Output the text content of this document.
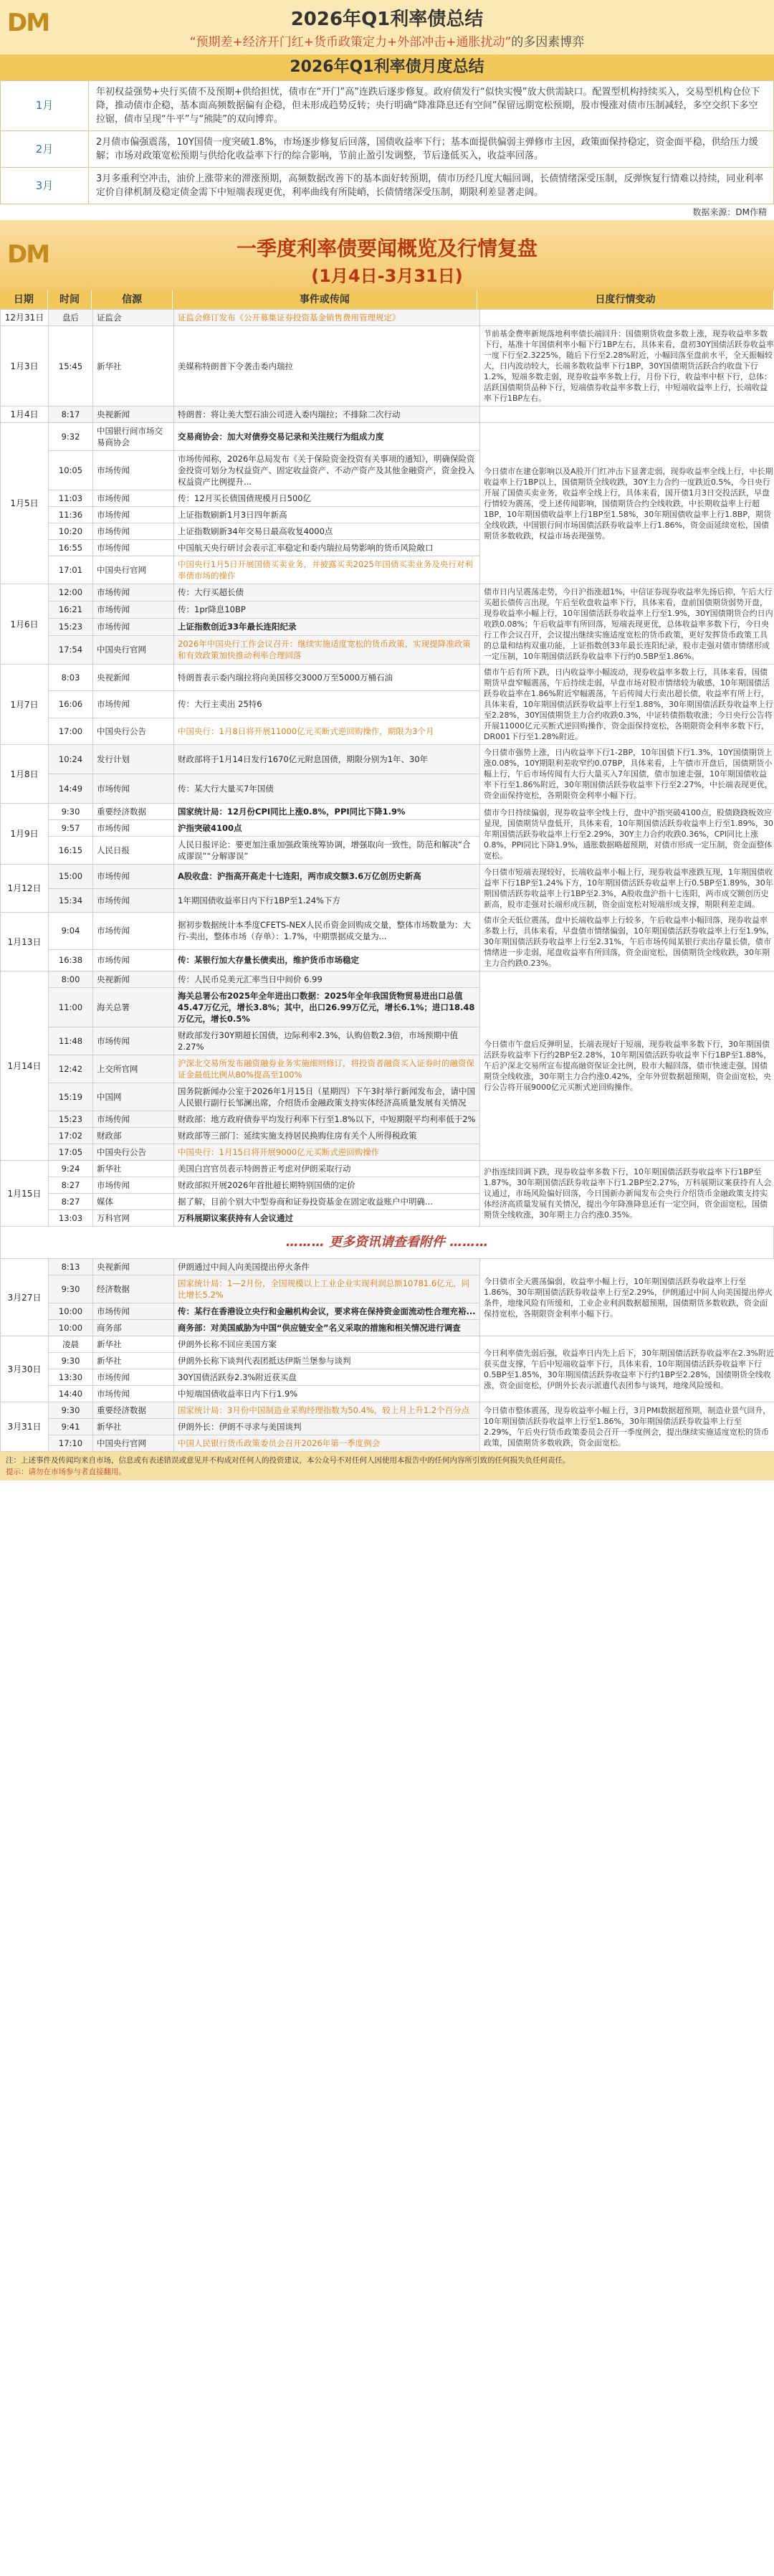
DM	2026年Q1利率债总结
“预期差+经济开门红+货币政策定力+外部冲击+通胀扰动”的多因素博弈
2026年Q1利率债月度总结
1月	年初权益强势+央行买债不及预期+供给担忧，债市在“开门”高”连跌后逐步修复。政府债发行“似快实慢”放大供需缺口。配置型机构持续买入，交易型机构仓位下降，推动债市企稳，基本面高频数据偏有企稳，但未形成趋势反转；央行明确“降准降息还有空间”保留远期宽松预期，股市慢涨对债市压制减轻，多空交织下多空拉锯，债市呈现“牛平”与“熊陡”的双向博弈。
2月	2月债市偏强震荡，10Y国债一度突破1.8%，市场逐步修复后回落，国债收益率下行；基本面提供偏弱主弹修市主因，政策面保持稳定，资金面平稳，供给压力缓解；市场对政策宽松预期与供给化收益率下行的综合影响，节前止盈引发调整，节后逢低买入，收益率回落。
3月	3月多重利空冲击，油价上涨带来的滞涨预期，高频数据改善下的基本面好转预期，债市历经几度大幅回调，长债情绪深受压制，反弹恢复行情难以持续，同业利率定价自律机制及稳定债金需下中短端表现更优，利率曲线有所陡峭，长债情绪深受压制，期限利差显著走阔。
数据来源：DM作精
DM	一季度利率债要闻概览及行情复盘
(1月4日-3月31日)
日期	时间	信源	事件或传闻	日度行情变动
12月31日	盘后	证监会	证监会修订发布《公开募集证券投资基金销售费用管理规定》	
1月3日	15:45	新华社	美媒称特朗普下令袭击委内瑞拉	节前基金费率新规落地利率债长端回升：国债期货收盘多数上涨，现券收益率多数下行，基准十年国债利率小幅下行1BP左右，具体来看，盘初30Y国债活跃券收益率一度下行至2.3225%，随后下行至2.28%附近，小幅回落至盘前水平，全天振幅较大，日内波动较大，长端多数收益率下行1BP，30Y国债期货活跃合约收盘下行1.2%，短端多数走弱，现券收益率多数上行，月份下行，收益率中枢下行，总体：活跃国债期货品种下行，短端债券收益率多数上行，中短端收益率上行，长端收益率下行1BP左右。
1月4日	8:17	央视新闻	特朗普：将让美大型石油公司进入委内瑞拉；不排除二次行动	
1月5日	9:32	中国银行间市场交易商协会	交易商协会：加大对债券交易记录和关注规行为组成力度	今日债市在建仓影响以及A股开门红冲击下显著走弱，现券收益率全线上行，中长期收益率上行1BP以上，国债期货全线收跌，30Y主力合约一度跌近0.5%，今日央行开展了国债买卖业务，收益率全线上行，具体来看，国开债1月3日交投活跃，早盘行情较为震荡，受上述传闻影响，国债期货合约全线收跌，中长期收益率上行超1BP，10年期国债收益率上行1BP至1.58%，30年期国债收益率上行1.8BP，期货全线收跌，中国银行间市场国债活跃券收益率上行1.86%，资金面延续宽松，国债期货多数收跌，权益市场表现强势。
	10:05	市场传闻	市场传闻称，2026年总局发布《关于保险资金投资有关事项的通知》，明确保险资金投资可划分为权益资产、固定收益资产、不动产资产及其他金融资产，资金投入权益资产比例提升...	
	11:03	市场传闻	传：12月买长债国债规模月日500亿	
	11:36	市场传闻	上证指数刷新1月3日四年新高	
	10:20	市场传闻	上证指数刷新34年交易日最高收复4000点	
	16:55	市场传闻	中国航天央行研讨会表示汇率稳定和委内瑞拉局势影响的货币风险敞口	
	17:01	中国央行官网	中国央行1月5日开展国债买卖业务，并披露买卖2025年国债买卖业务及央行对利率债市场的操作	
1月6日	12:00	市场传闻	传：大行买超长债	债市日内呈震荡走势，今日沪指涨超1%，中信证券现券收益率先扬后抑，午后大行买超长债传言出现，午后至收盘收益率下行，具体来看，盘前国债期货弱势开盘，现券收益率小幅上行，10年国债活跃券收益率上行至1.9%，30Y国债期货合约日内收跌0.08%；午后收益率有所回落，短端表现更优，总体收益率多数下行，今日央行工作会议召开，会议提出继续实施适度宽松的货币政策，更好发挥货币政策工具的总量和结构双重功能，上证指数创33年最长连阳纪录，股市走强对债市情绪形成一定压制，10年期国债活跃券收益率下行约0.5BP至1.86%。
	16:21	市场传闻	传：1pr降息10BP	
	15:23	市场传闻	上证指数创近33年最长连阳纪录	
	17:54	中国央行官网	2026年中国央行工作会议召开：继续实施适度宽松的货币政策，实现提降准政策和有效政策加快推动利率合理回落	
1月7日	8:03	央视新闻	特朗普表示委内瑞拉将向美国移交3000万至5000万桶石油	债市午后有所下跌，日内收益率小幅波动，现券收益率多数上行，具体来看，国债期货早盘窄幅震荡，午后持续走弱，早盘市场对股市情绪较为敏感，10年期国债活跃券收益率在1.86%附近窄幅震荡，午后传闻大行卖出超长债，收益率有所上行，具体来看，10年期国债活跃券收益率上行至1.88%，30年期国债活跃券收益率上行至2.28%，30Y国债期货主力合约收跌0.3%，中证转债指数收涨；今日央行公告将开展11000亿元买断式逆回购操作，资金面保持宽松，各期限资金利率多数下行，DR001下行至1.28%附近。
	16:06	市场传闻	传：大行主卖出 25特6	
	17:00	中国央行公告	中国央行：1月8日将开展11000亿元买断式逆回购操作，期限为3个月	
1月8日	10:24	发行计划	财政部将于1月14日发行1670亿元附息国债，期限分别为1年、30年	今日债市强势上涨，日内收益率下行1-2BP，10年国债下行1.3%，10Y国债期货上涨0.08%，10Y期限利差收窄约0.07BP，具体来看，上午债市开盘后，国债期货小幅上行，午后市场传闻有大行大量买入7年国债，债市加速走强，10年期国债收益率下行至1.86%附近，30年期国债活跃券收益率下行至2.27%，中长端表现更优，资金面保持宽松，各期限资金利率小幅下行。
	14:49	市场传闻	传：某大行大量买7年国债	
1月9日	9:30	重要经济数据	国家统计局：12月份CPI同比上涨0.8%，PPI同比下降1.9%	债市今日持续偏弱，现券收益率全线上行，盘中沪指突破4100点，股债跷跷板效应显现，国债期货早盘低开，具体来看，10年期国债活跃券收益率上行至1.89%，30年期国债活跃券收益率上行至2.29%，30Y主力合约收跌0.36%，CPI同比上涨0.8%，PPI同比下降1.9%，通胀数据略超预期，对债市形成一定压制，资金面整体宽松。
	9:57	市场传闻	沪指突破4100点	
	16:15	人民日报	人民日报评论：要更加注重加强政策统筹协调，增强取向一致性，防范和解决“合成谬误”“分解谬误”	
1月12日	15:00	市场传闻	A股收盘：沪指高开高走十七连阳，两市成交额3.6万亿创历史新高	今日债市短端表现较好，长端收益率小幅上行，现券收益率涨跌互现，1年期国债收益率下行1BP至1.24%下方，10年期国债活跃券收益率上行0.5BP至1.89%，30年期国债活跃券收益率上行1BP至2.3%，A股收盘沪指十七连阳，两市成交额创历史新高，股市走强对长端形成压制，资金面宽松对短端形成支撑，期限利差走阔。
	15:34	市场传闻	1年期国债收益率日内下行1BP至1.24%下方	
1月13日	9:04	市场传闻	据初步数据统计本季度CFETS-NEX人民币资金回购成交量，整体市场数量为：大行-卖出，整体市场（存单）：1.7%，中期票据成交量为...	债市全天低位震荡，盘中长端收益率上行较多，午后收益率小幅回落，现券收益率多数上行，具体来看，早盘债市情绪偏弱，10年期国债活跃券收益率上行至1.9%，30年期国债活跃券收益率上行至2.31%，午后市场传闻某银行卖出存量长债，债市情绪进一步走弱，尾盘收益率有所回落，资金面宽松，国债期货全线收跌，30年期主力合约跌0.23%。
	16:38	市场传闻	传：某银行加大存量长债卖出，维护货币市场稳定	
1月14日	8:00	央视新闻	传：人民币兑美元汇率当日中间价 6.99	今日债市午盘后反弹明显，长端表现好于短端，现券收益率多数下行，30年期国债活跃券收益率下行约2BP至2.28%，10年期国债活跃券收益率下行1BP至1.88%，午后沪深北交易所宣布提高融资保证金比例，股市大幅回落，债市快速走强，国债期货全线收涨，30年期主力合约涨0.42%，全年外贸数据超预期，资金面宽松，央行公告将开展9000亿元买断式逆回购操作。
	11:00	海关总署	海关总署公布2025年全年进出口数据：2025年全年我国货物贸易进出口总值45.47万亿元，增长3.8%；其中，出口26.99万亿元，增长6.1%；进口18.48万亿元，增长0.5%	
	11:48	市场传闻	财政部发行30Y期超长国债，边际利率2.3%，认购倍数2.3倍，市场预期中值2.27%	
	12:42	上交所官网	沪深北交易所发布融资融券业务实施细则修订，将投资者融资买入证券时的融资保证金最低比例从80%提高至100%	
	15:19	中国网	国务院新闻办公室于2026年1月15日（星期四）下午3时举行新闻发布会，请中国人民银行副行长邹澜出席，介绍货币金融政策支持实体经济高质量发展有关情况	
	15:23	市场传闻	财政部：地方政府债券平均发行利率下行至1.8%以下，中短期限平均利率低于2%	
	17:02	财政部	财政部等三部门：延续实施支持居民换购住房有关个人所得税政策	
	17:05	中国央行公告	中国央行：1月15日将开展9000亿元买断式逆回购操作	
1月15日	9:24	新华社	美国白宫官员表示特朗普正考虑对伊朗采取行动	沪指连续回调下跌，现券收益率多数下行，10年期国债活跃券收益率下行1BP至1.87%，30年期国债活跃券收益率下行1.2BP至2.27%，万科展期议案获持有人会议通过，市场风险偏好回落，今日国新办新闻发布会央行介绍货币金融政策支持实体经济高质量发展有关情况，提出今年降准降息还有一定空间，资金面宽松，国债期货全线收涨，30年期主力合约涨0.35%。
	8:27	市场传闻	财政部拟开展2026年首批超长期特别国债的定价	
	8:27	媒体	据了解，目前个别大中型券商和证券投资基金在固定收益账户中明确...	
	13:03	万科官网	万科展期议案获持有人会议通过	
……… 更多资讯请查看附件 ………
3月27日	8:13	央视新闻	伊朗通过中间人向美国提出停火条件	今日债市全天震荡偏弱，收益率小幅上行，10年期国债活跃券收益率上行至1.86%，30年期国债活跃券收益率上行至2.29%，伊朗通过中间人向美国提出停火条件，地缘风险有所缓和，工业企业利润数据超预期，国债期货多数收跌，资金面保持宽松，各期限资金利率小幅下行。
	9:30	经济数据	国家统计局：1—2月份，全国规模以上工业企业实现利润总额10781.6亿元，同比增长5.2%	
	10:00	市场传闻	传：某行在香港设立央行和金融机构会议，要求将在保持资金面流动性合理充裕...	
	10:00	商务部	商务部：对美国威胁为中国“供应链安全”名义采取的措施和相关情况进行调查	
3月30日	凌晨	新华社	伊朗外长称不回应美国方案	今日利率债先弱后强，收益率日内先上后下，30年期国债活跃券收益率在2.3%附近获买盘支撑，午后中短端收益率下行，具体来看，10年期国债活跃券收益率下行0.5BP至1.85%，30年期国债活跃券收益率下行约1BP至2.28%，国债期货全线收涨，资金面宽松，伊朗外长表示派遣代表团参与谈判，地缘风险缓和。
	9:30	新华社	伊朗外长称下谈判代表团抵达伊斯兰堡参与谈判	
	13:30	市场传闻	30Y国债活跃券2.3%附近获买盘	
	14:40	市场传闻	中短端国债收益率日内下行1.9%	
3月31日	9:30	重要经济数据	国家统计局：3月份中国制造业采购经理指数为50.4%，较上月上升1.2个百分点	今日债市整体震荡，现券收益率小幅上行，3月PMI数据超预期，制造业景气回升，10年期国债活跃券收益率上行至1.86%，30年期国债活跃券收益率上行至2.29%，午后央行货币政策委员会召开一季度例会，提出继续实施适度宽松的货币政策，国债期货多数收跌，资金面宽松。
	9:41	新华社	伊朗外长：伊朗不寻求与美国谈判	
	17:10	中国央行官网	中国人民银行货币政策委员会召开2026年第一季度例会	
注：上述事件及传闻均来自市场，信息或有表述错误或意见并不构成对任何人的投资建议，本公众号不对任何人因使用本报告中的任何内容所引致的任何损失负任何责任。
提示：请勿在市场参与者直接翻用。
